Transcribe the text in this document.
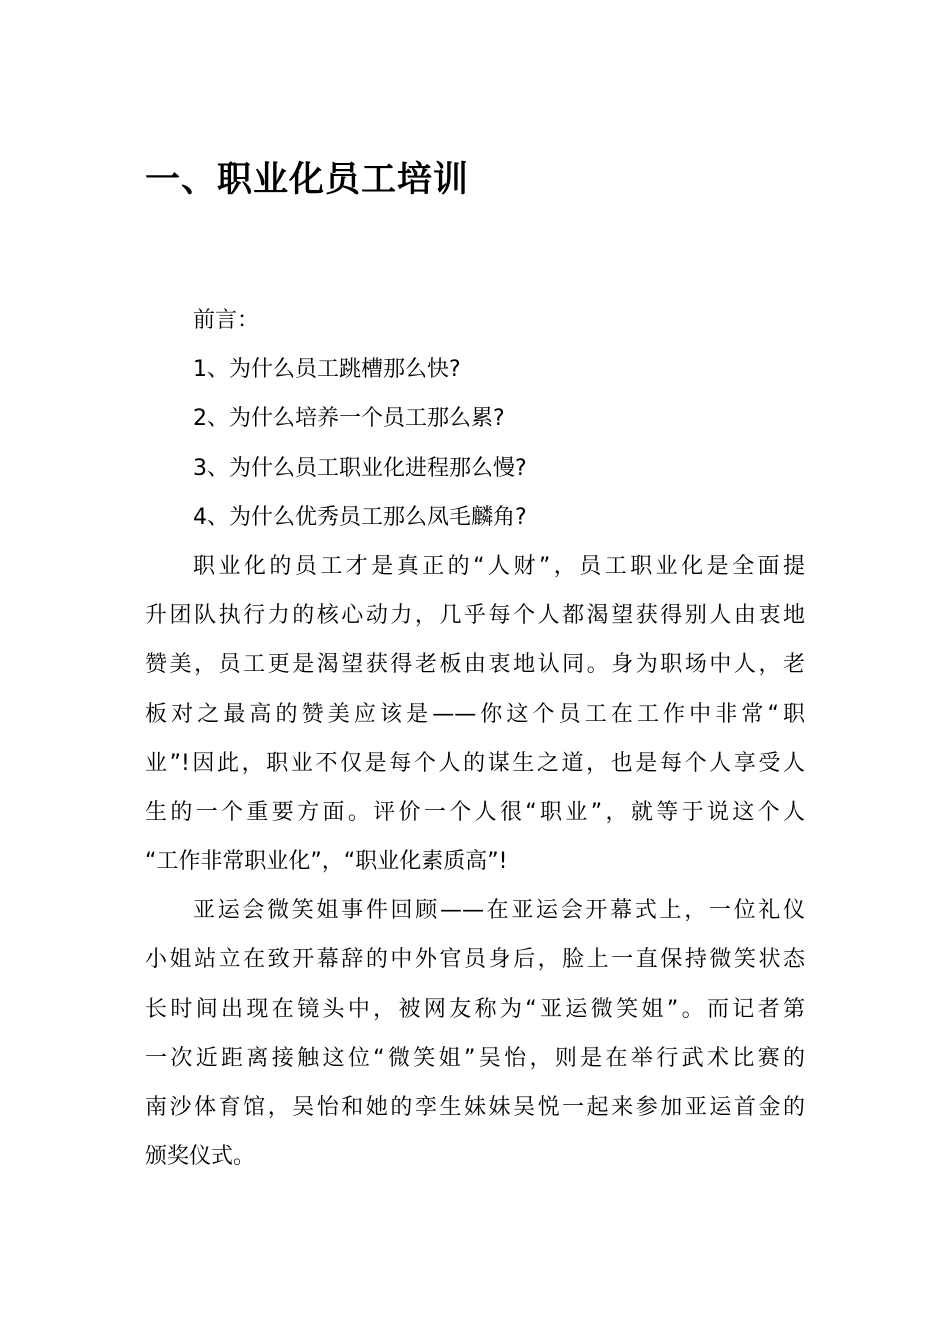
一、职业化员工培训
前言：
1、为什么员工跳槽那么快?
2、为什么培养一个员工那么累?
3、为什么员工职业化进程那么慢?
4、为什么优秀员工那么凤毛麟角?
职业化的员工才是真正的“人财”，员工职业化是全面提
升团队执行力的核心动力，几乎每个人都渴望获得别人由衷地
赞美，员工更是渴望获得老板由衷地认同。身为职场中人，老
板对之最高的赞美应该是——你这个员工在工作中非常“职
业”!因此，职业不仅是每个人的谋生之道，也是每个人享受人
生的一个重要方面。评价一个人很“职业”，就等于说这个人
“工作非常职业化”，“职业化素质高”!
亚运会微笑姐事件回顾——在亚运会开幕式上，一位礼仪
小姐站立在致开幕辞的中外官员身后，脸上一直保持微笑状态
长时间出现在镜头中，被网友称为“亚运微笑姐”。而记者第
一次近距离接触这位“微笑姐”吴怡，则是在举行武术比赛的
南沙体育馆，吴怡和她的孪生妹妹吴悦一起来参加亚运首金的
颁奖仪式。
